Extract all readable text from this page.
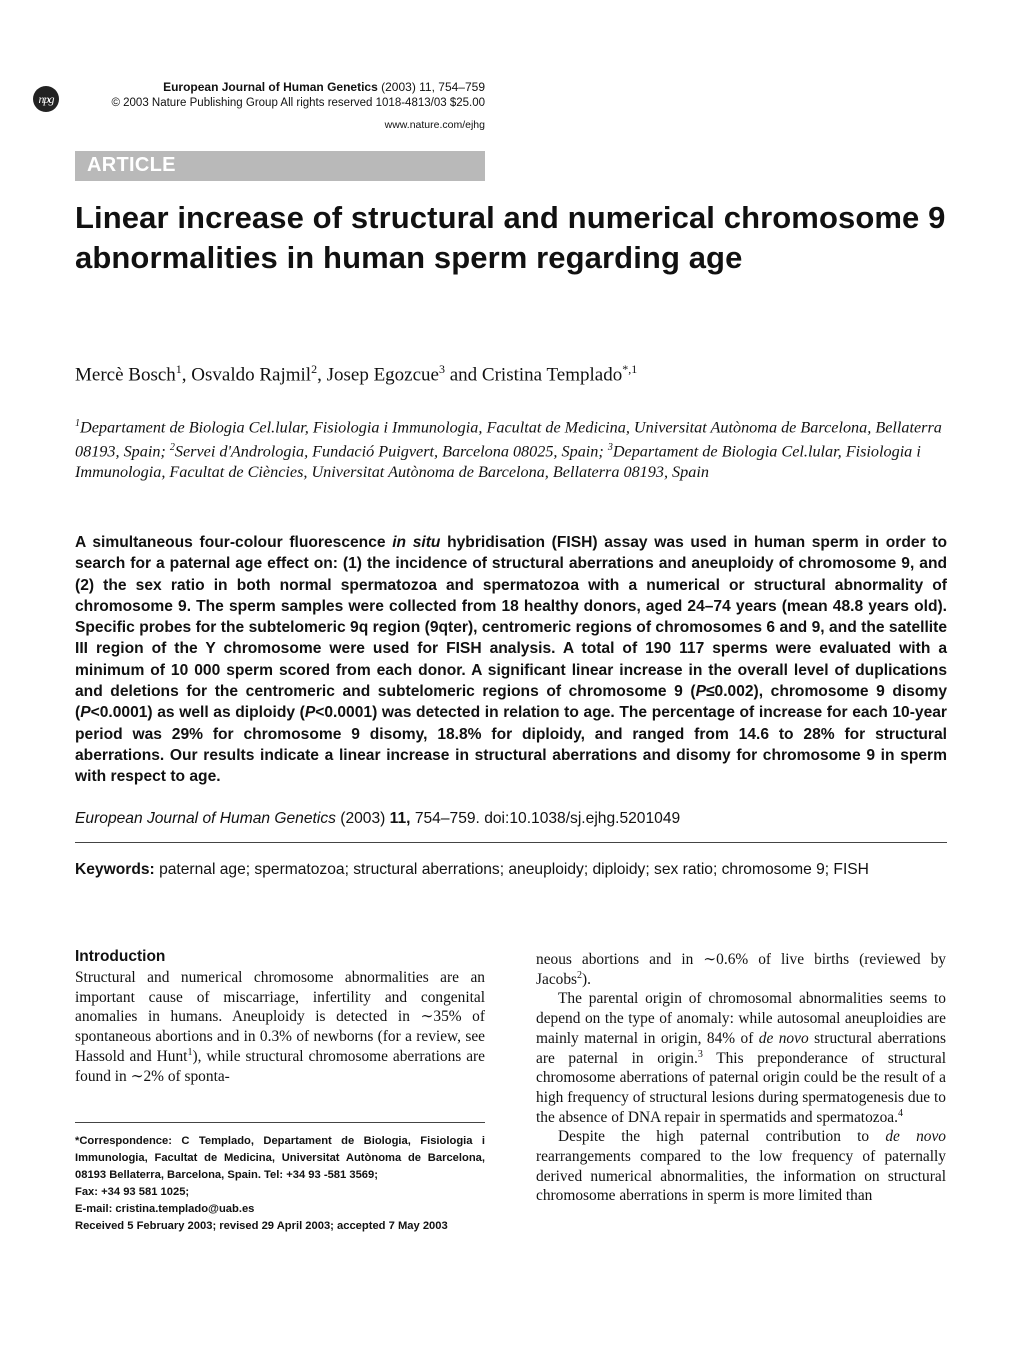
npg
European Journal of Human Genetics (2003) 11, 754–759
© 2003 Nature Publishing Group All rights reserved 1018-4813/03 $25.00
www.nature.com/ejhg
ARTICLE
Linear increase of structural and numerical chromosome 9 abnormalities in human sperm regarding age
Mercè Bosch$^1$, Osvaldo Rajmil$^2$, Josep Egozcue$^3$ and Cristina Templado$^{*,1}$
$^1$Departament de Biologia Cel.lular, Fisiologia i Immunologia, Facultat de Medicina, Universitat Autònoma de Barcelona, Bellaterra 08193, Spain; $^2$Servei d'Andrologia, Fundació Puigvert, Barcelona 08025, Spain; $^3$Departament de Biologia Cel.lular, Fisiologia i Immunologia, Facultat de Ciències, Universitat Autònoma de Barcelona, Bellaterra 08193, Spain
A simultaneous four-colour fluorescence in situ hybridisation (FISH) assay was used in human sperm in order to search for a paternal age effect on: (1) the incidence of structural aberrations and aneuploidy of chromosome 9, and (2) the sex ratio in both normal spermatozoa and spermatozoa with a numerical or structural abnormality of chromosome 9. The sperm samples were collected from 18 healthy donors, aged 24–74 years (mean 48.8 years old). Specific probes for the subtelomeric 9q region (9qter), centromeric regions of chromosomes 6 and 9, and the satellite III region of the Y chromosome were used for FISH analysis. A total of 190 117 sperms were evaluated with a minimum of 10 000 sperm scored from each donor. A significant linear increase in the overall level of duplications and deletions for the centromeric and subtelomeric regions of chromosome 9 (P≤0.002), chromosome 9 disomy (P<0.0001) as well as diploidy (P<0.0001) was detected in relation to age. The percentage of increase for each 10-year period was 29% for chromosome 9 disomy, 18.8% for diploidy, and ranged from 14.6 to 28% for structural aberrations. Our results indicate a linear increase in structural aberrations and disomy for chromosome 9 in sperm with respect to age.
European Journal of Human Genetics (2003) 11, 754–759. doi:10.1038/sj.ejhg.5201049
Keywords: paternal age; spermatozoa; structural aberrations; aneuploidy; diploidy; sex ratio; chromosome 9; FISH
Introduction

Structural and numerical chromosome abnormalities are an important cause of miscarriage, infertility and congenital anomalies in humans. Aneuploidy is detected in ∼35% of spontaneous abortions and in 0.3% of newborns (for a review, see Hassold and Hunt$^1$), while structural chromosome aberrations are found in ∼2% of sponta-

neous abortions and in ∼0.6% of live births (reviewed by Jacobs$^2$).

The parental origin of chromosomal abnormalities seems to depend on the type of anomaly: while autosomal aneuploidies are mainly maternal in origin, 84% of de novo structural aberrations are paternal in origin.$^3$ This preponderance of structural chromosome aberrations of paternal origin could be the result of a high frequency of structural lesions during spermatogenesis due to the absence of DNA repair in spermatids and spermatozoa.$^4$

Despite the high paternal contribution to de novo rearrangements compared to the low frequency of paternally derived numerical abnormalities, the information on structural chromosome aberrations in sperm is more limited than

*Correspondence: C Templado, Departament de Biologia, Fisiologia i Immunologia, Facultat de Medicina, Universitat Autònoma de Barcelona, 08193 Bellaterra, Barcelona, Spain. Tel: +34 93 -581 3569;
Fax: +34 93 581 1025;
E-mail: cristina.templado@uab.es
Received 5 February 2003; revised 29 April 2003; accepted 7 May 2003
